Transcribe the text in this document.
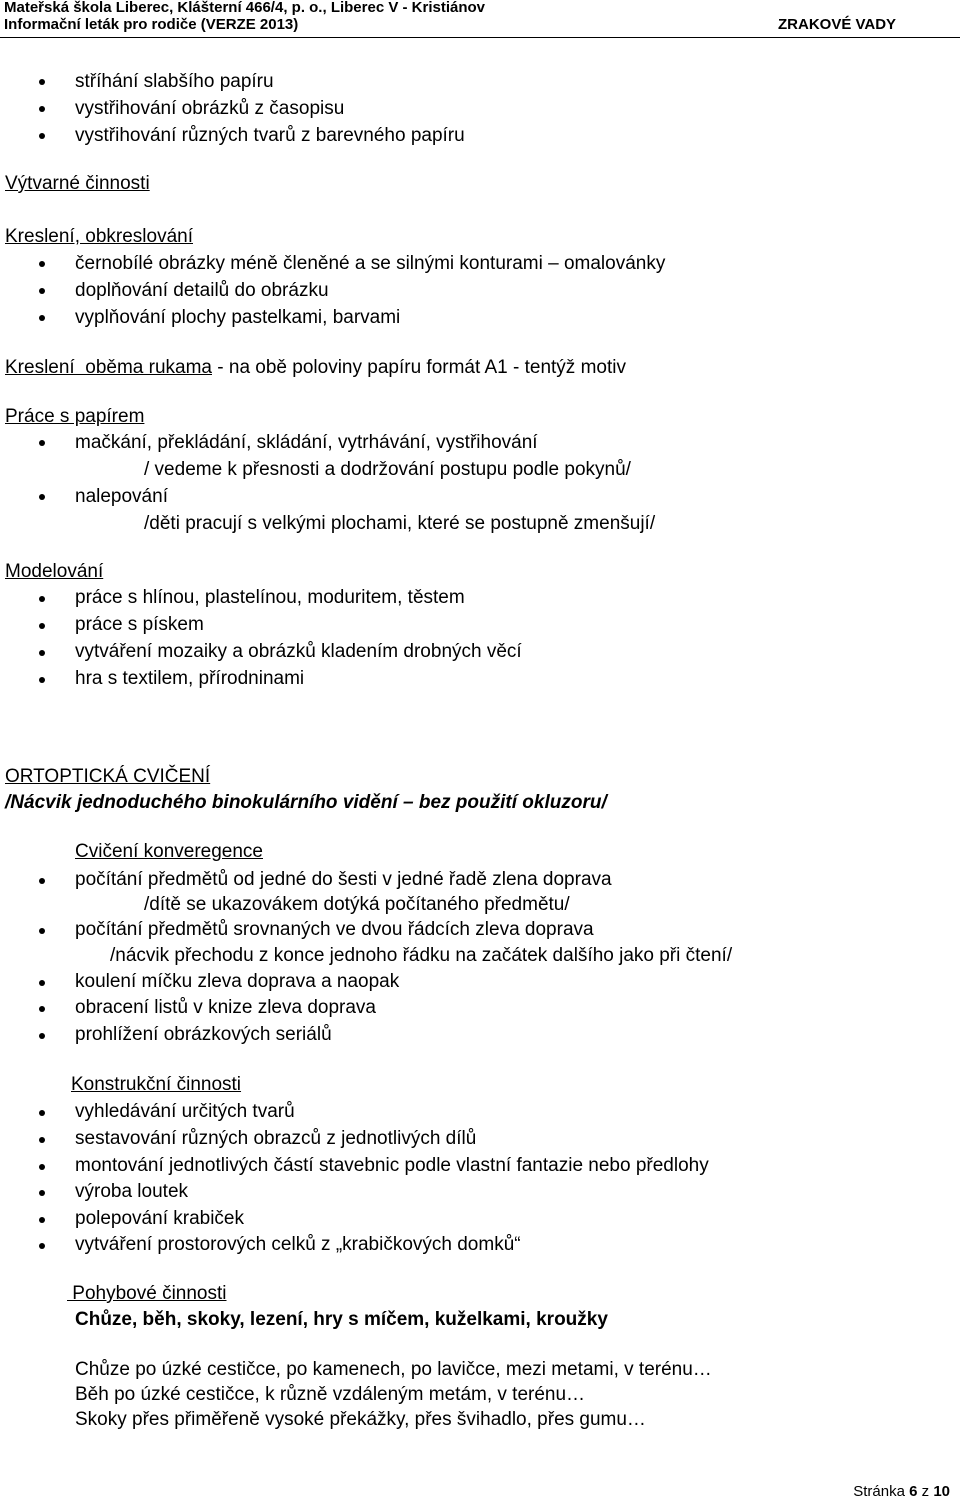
Mateřská škola Liberec, Klášterní 466/4, p. o., Liberec V - Kristiánov
Informační leták pro rodiče (VERZE 2013)	ZRAKOVÉ VADY
stříhání slabšího papíru
vystřihování obrázků z časopisu
vystřihování různých tvarů z barevného papíru
Výtvarné činnosti
Kreslení, obkreslování
černobílé obrázky méně členěné a se silnými konturami – omalovánky
doplňování detailů do obrázku
vyplňování plochy pastelkami, barvami
Kreslení  oběma rukama - na obě poloviny papíru formát A1 - tentýž motiv
Práce s papírem
mačkání, překládání, skládání, vytrhávání, vystřihování
/ vedeme k přesnosti a dodržování postupu podle pokynů/
nalepování
/děti pracují s velkými plochami, které se postupně zmenšují/
Modelování
práce s hlínou, plastelínou, moduritem, těstem
práce s pískem
vytváření mozaiky a obrázků kladením drobných věcí
hra s textilem, přírodninami
ORTOPTICKÁ CVIČENÍ
/Nácvik jednoduchého binokulárního vidění – bez použití okluzoru/
Cvičení konveregence
počítání předmětů od jedné do šesti v jedné řadě zlena doprava
/dítě se ukazovákem dotýká počítaného předmětu/
počítání předmětů srovnaných ve dvou řádcích zleva doprava
/nácvik přechodu z konce jednoho řádku na začátek dalšího jako při čtení/
koulení míčku zleva doprava a naopak
obracení listů v knize zleva doprava
prohlížení obrázkových seriálů
Konstrukční činnosti
vyhledávání určitých tvarů
sestavování různých obrazců z jednotlivých dílů
montování jednotlivých částí stavebnic podle vlastní fantazie nebo předlohy
výroba loutek
polepování krabiček
vytváření prostorových celků z „krabičkových domků“
Pohybové činnosti
Chůze, běh, skoky, lezení, hry s míčem, kuželkami, kroužky
Chůze po úzké cestičce, po kamenech, po lavičce, mezi metami, v terénu…
Běh po úzké cestičce, k různě vzdáleným metám, v terénu…
Skoky přes přiměřeně vysoké překážky, přes švihadlo, přes gumu…
Stránka 6 z 10
